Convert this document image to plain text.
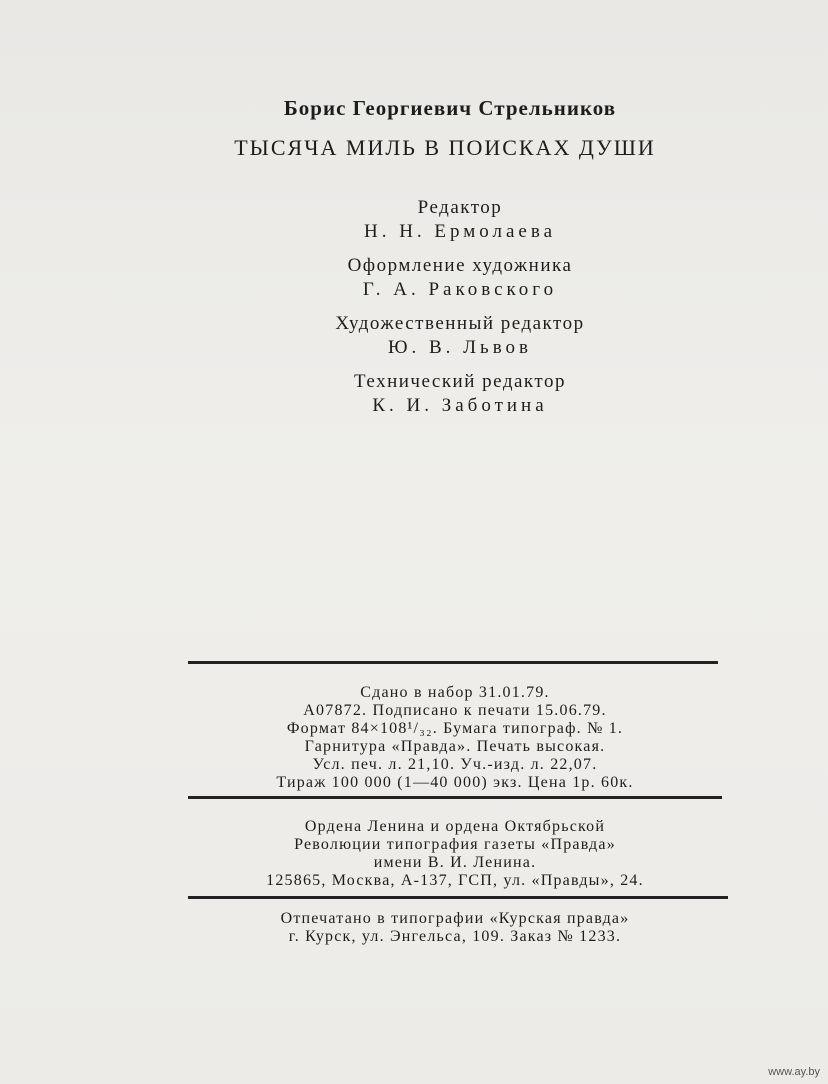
Борис Георгиевич Стрельников
ТЫСЯЧА МИЛЬ В ПОИСКАХ ДУШИ
Редактор
Н. Н. Ермолаева
Оформление художника
Г. А. Раковского
Художественный редактор
Ю. В. Львов
Технический редактор
К. И. Заботина
Сдано в набор 31.01.79.
А07872. Подписано к печати 15.06.79.
Формат 84×108¹/₃₂. Бумага типограф. № 1.
Гарнитура «Правда». Печать высокая.
Усл. печ. л. 21,10. Уч.-изд. л. 22,07.
Тираж 100 000 (1—40 000) экз. Цена 1р. 60к.
Ордена Ленина и ордена Октябрьской
Революции типография газеты «Правда»
имени В. И. Ленина.
125865, Москва, А-137, ГСП, ул. «Правды», 24.
Отпечатано в типографии «Курская правда»
г. Курск, ул. Энгельса, 109. Заказ № 1233.
www.ay.by
